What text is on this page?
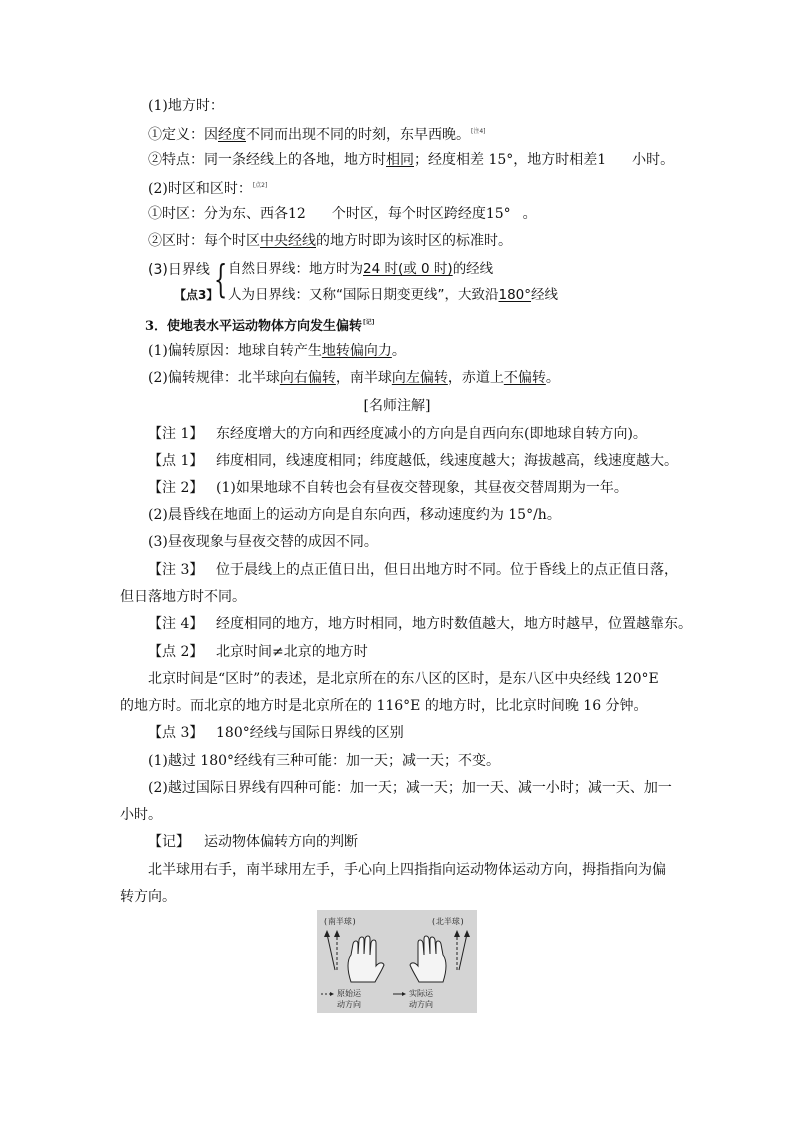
(1)地方时：
①定义：因经度不同而出现不同的时刻，东早西晚。[注4]
②特点：同一条经线上的各地，地方时相同；经度相差 15°，地方时相差1 小时。
(2)时区和区时：[点2]
①时区：分为东、西各12 个时区，每个时区跨经度15° 。
②区时：每个时区中央经线的地方时即为该时区的标准时。
(3)日界线 { 自然日界线：地方时为24 时(或 0 时)的经线
【点3】 人为日界线：又称“国际日期变更线”，大致沿180°经线
3．使地表水平运动物体方向发生偏转[记]
(1)偏转原因：地球自转产生地转偏向力。
(2)偏转规律：北半球向右偏转，南半球向左偏转，赤道上不偏转。
[名师注解]
【注 1】 东经度增大的方向和西经度减小的方向是自西向东(即地球自转方向)。
【点 1】 纬度相同，线速度相同；纬度越低，线速度越大；海拔越高，线速度越大。
【注 2】 (1)如果地球不自转也会有昼夜交替现象，其昼夜交替周期为一年。
(2)晨昏线在地面上的运动方向是自东向西，移动速度约为 15°/h。
(3)昼夜现象与昼夜交替的成因不同。
【注 3】 位于晨线上的点正值日出，但日出地方时不同。位于昏线上的点正值日落，
但日落地方时不同。
【注 4】 经度相同的地方，地方时相同，地方时数值越大，地方时越早，位置越靠东。
【点 2】 北京时间≠北京的地方时
北京时间是“区时”的表述，是北京所在的东八区的区时，是东八区中央经线 120°E
的地方时。而北京的地方时是北京所在的 116°E 的地方时，比北京时间晚 16 分钟。
【点 3】 180°经线与国际日界线的区别
(1)越过 180°经线有三种可能：加一天；减一天；不变。
(2)越过国际日界线有四种可能：加一天；减一天；加一天、减一小时；减一天、加一
小时。
【记】 运动物体偏转方向的判断
北半球用右手，南半球用左手，手心向上四指指向运动物体运动方向，拇指指向为偏
转方向。
(南半球)	(北半球)
原始运
动方向
实际运
动方向
